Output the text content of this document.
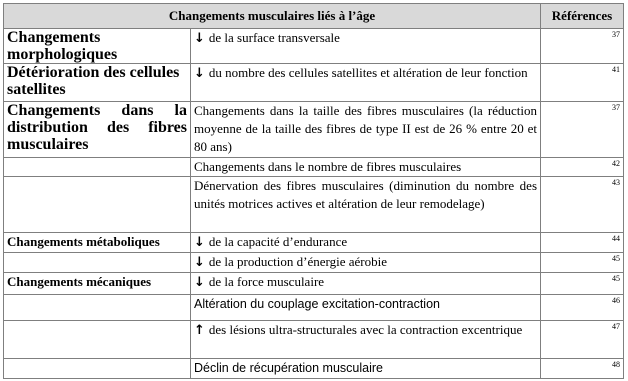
Changements musculaires liés à l’âge		Références
Changements morphologiques	↓ de la surface transversale	37
Détérioration des cellules satellites	↓ du nombre des cellules satellites et altération de leur fonction	41
Changements dans la distribution des fibres musculaires	Changements dans la taille des fibres musculaires (la réduction moyenne de la taille des fibres de type II est de 26 % entre 20 et 80 ans)	37
	Changements dans le nombre de fibres musculaires	42
	Dénervation des fibres musculaires (diminution du nombre des unités motrices actives et altération de leur remodelage)	43
Changements métaboliques	↓ de la capacité d’endurance	44
	↓ de la production d’énergie aérobie	45
Changements mécaniques	↓ de la force musculaire	45
	Altération du couplage excitation-contraction	46
	↑ des lésions ultra-structurales avec la contraction excentrique	47
	Déclin de récupération musculaire	48
